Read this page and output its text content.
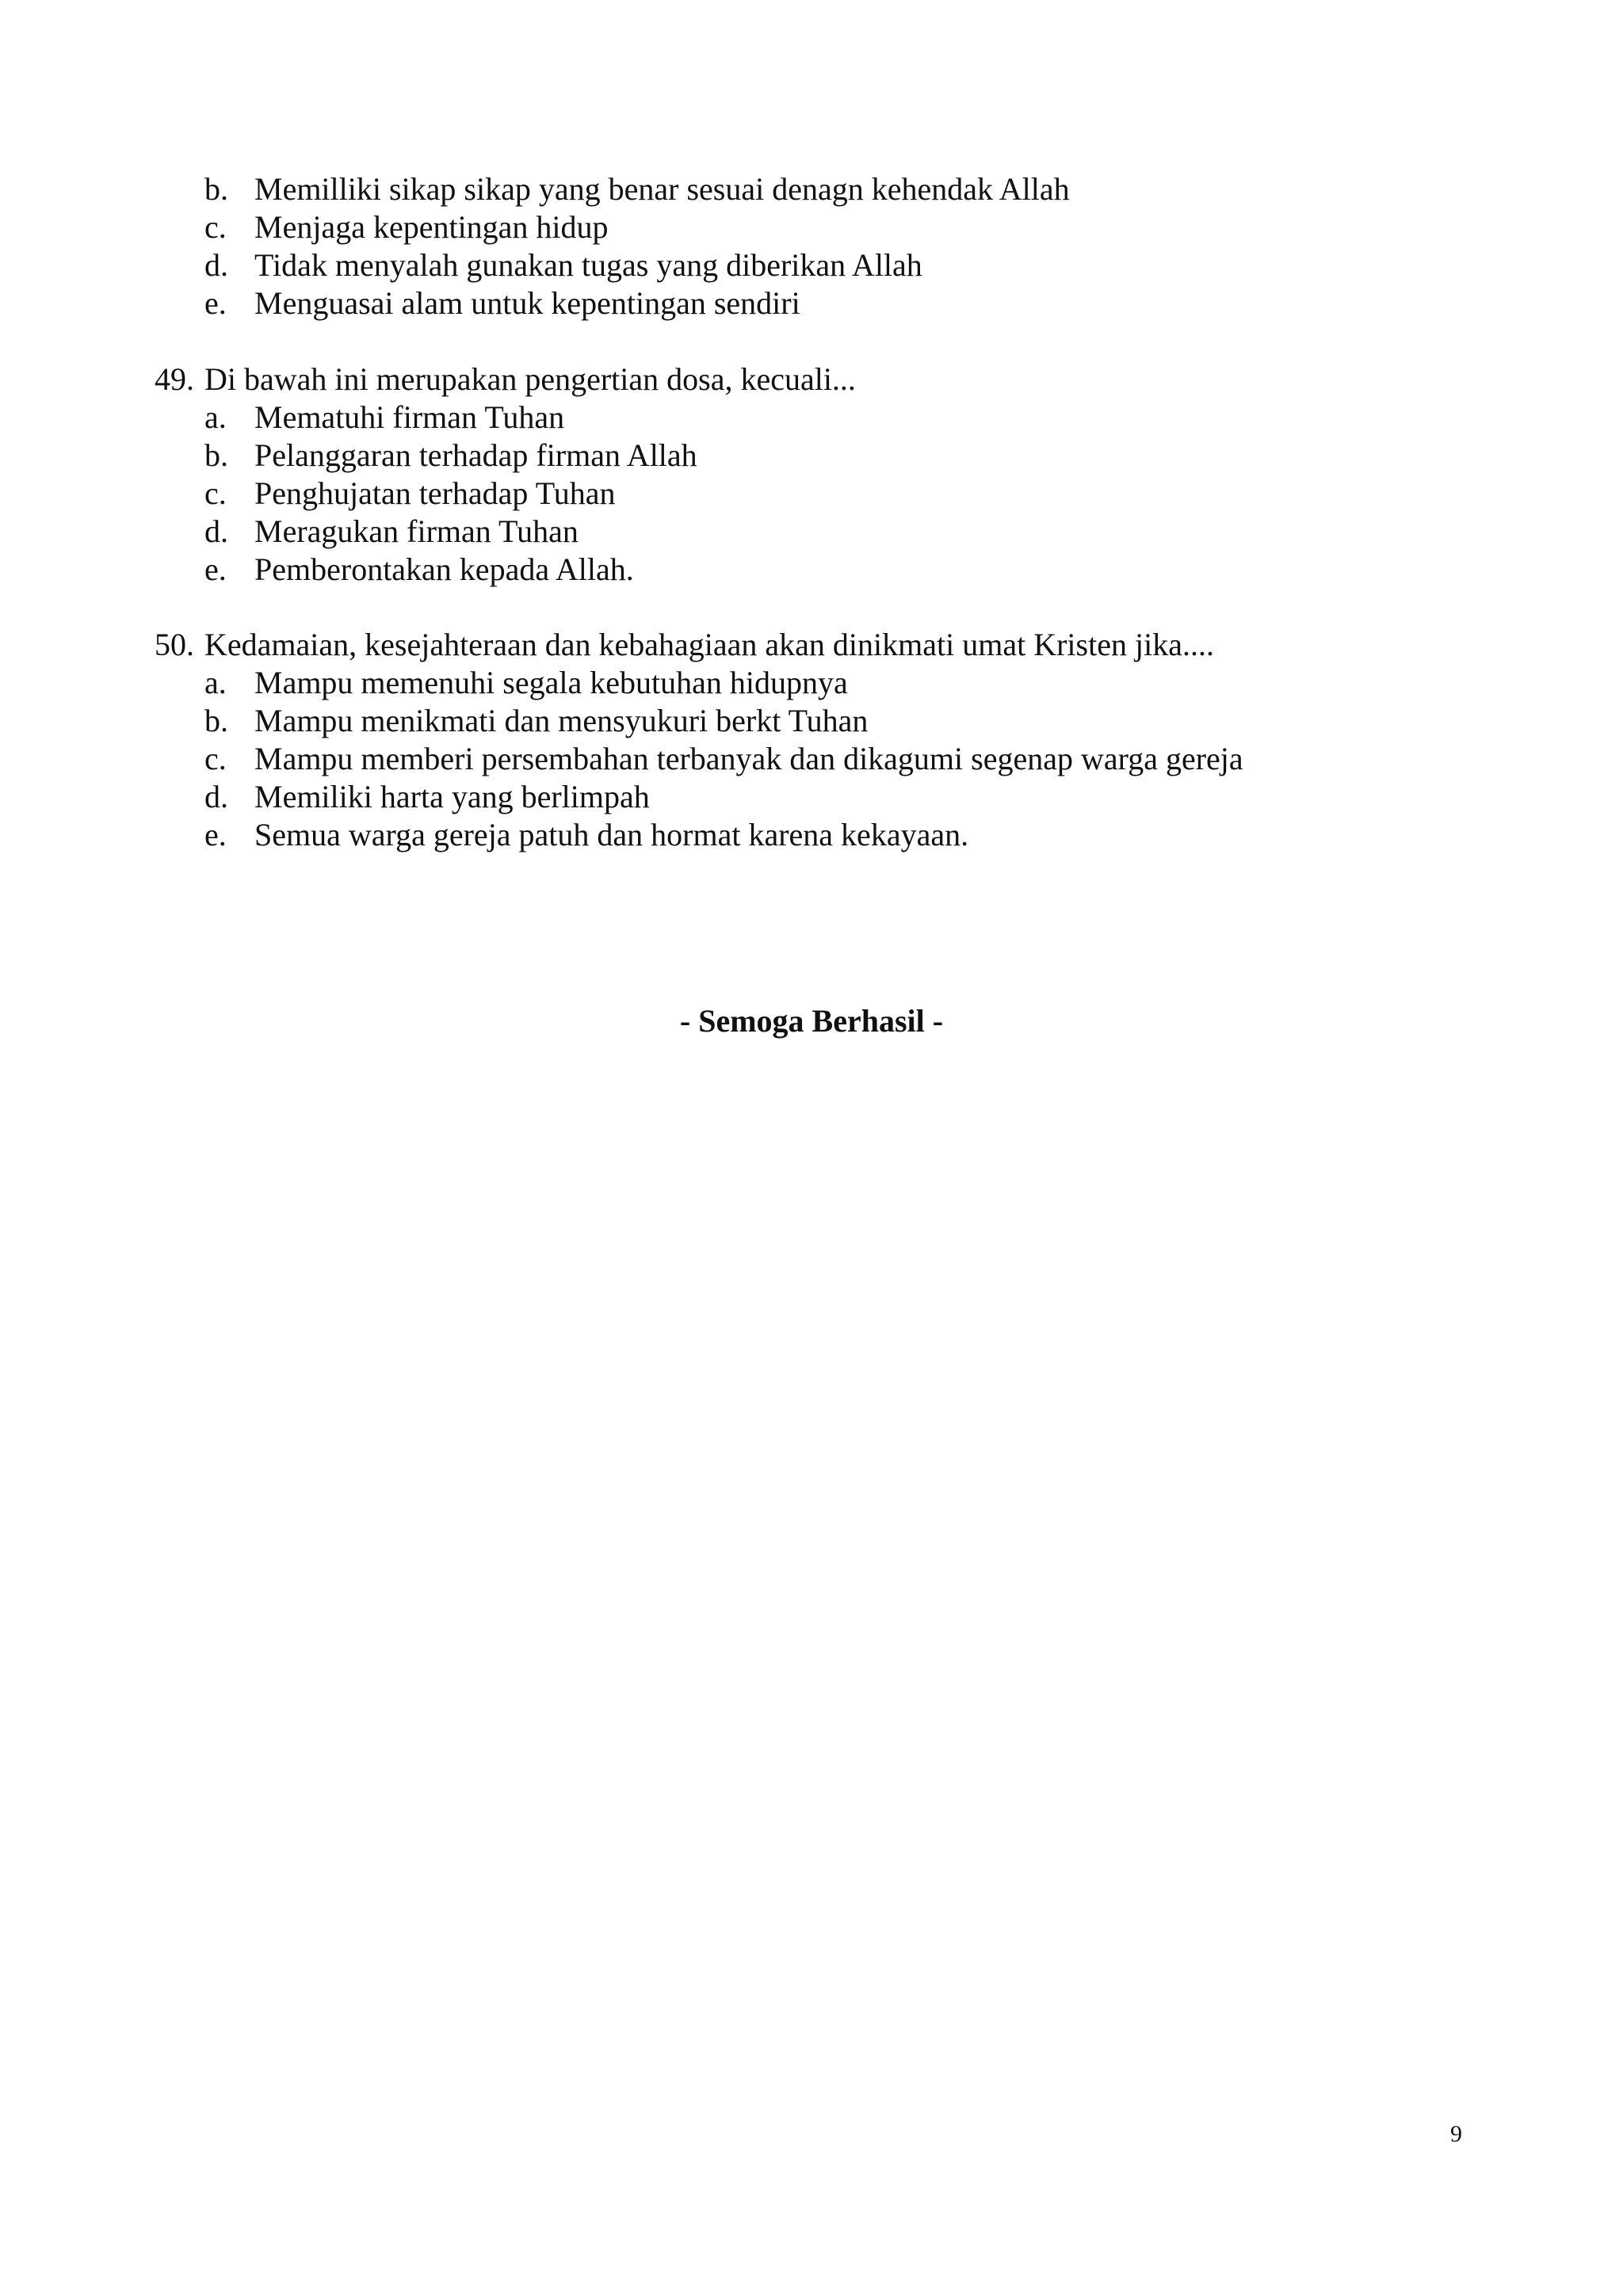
b. Memilliki sikap sikap yang benar sesuai denagn kehendak Allah
c. Menjaga kepentingan hidup
d. Tidak menyalah gunakan tugas yang diberikan Allah
e. Menguasai alam untuk kepentingan sendiri
49. Di bawah ini merupakan pengertian dosa, kecuali...
a. Mematuhi firman Tuhan
b. Pelanggaran terhadap firman Allah
c. Penghujatan terhadap Tuhan
d. Meragukan firman Tuhan
e. Pemberontakan kepada Allah.
50. Kedamaian, kesejahteraan dan kebahagiaan akan dinikmati umat Kristen jika....
a. Mampu memenuhi segala kebutuhan hidupnya
b. Mampu menikmati dan mensyukuri berkt Tuhan
c. Mampu memberi persembahan terbanyak dan dikagumi segenap warga gereja
d. Memiliki harta yang berlimpah
e. Semua warga gereja patuh dan hormat karena kekayaan.
- Semoga Berhasil -
9
